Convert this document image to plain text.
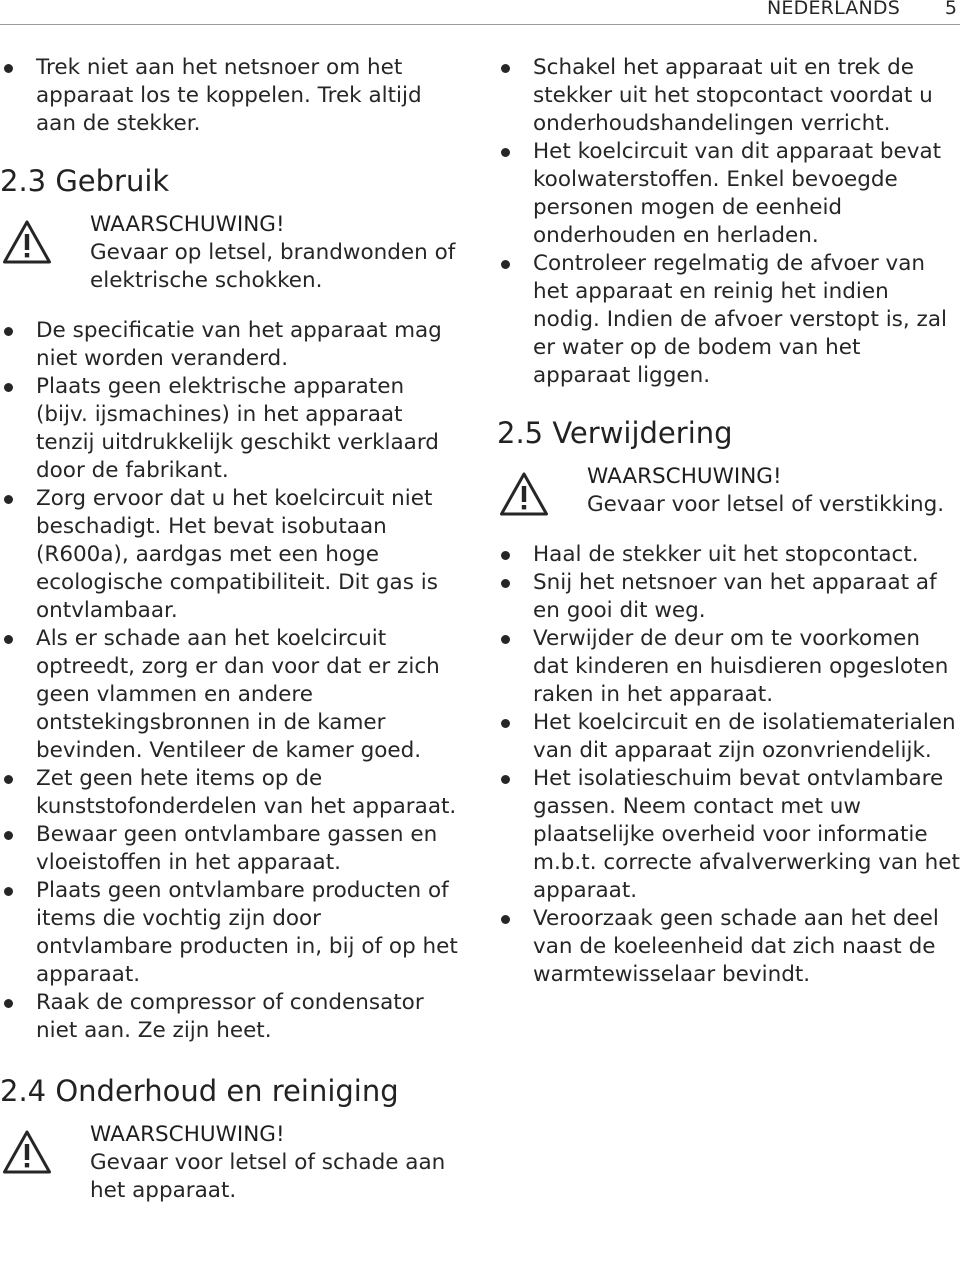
NEDERLANDS 5
Trek niet aan het netsnoer om het apparaat los te koppelen. Trek altijd aan de stekker.
2.3 Gebruik
WAARSCHUWING!
Gevaar op letsel, brandwonden of elektrische schokken.
De specificatie van het apparaat mag niet worden veranderd.
Plaats geen elektrische apparaten (bijv. ijsmachines) in het apparaat tenzij uitdrukkelijk geschikt verklaard door de fabrikant.
Zorg ervoor dat u het koelcircuit niet beschadigt. Het bevat isobutaan (R600a), aardgas met een hoge ecologische compatibiliteit. Dit gas is ontvlambaar.
Als er schade aan het koelcircuit optreedt, zorg er dan voor dat er zich geen vlammen en andere ontstekingsbronnen in de kamer bevinden. Ventileer de kamer goed.
Zet geen hete items op de kunststofonderdelen van het apparaat.
Bewaar geen ontvlambare gassen en vloeistoffen in het apparaat.
Plaats geen ontvlambare producten of items die vochtig zijn door ontvlambare producten in, bij of op het apparaat.
Raak de compressor of condensator niet aan. Ze zijn heet.
2.4 Onderhoud en reiniging
WAARSCHUWING!
Gevaar voor letsel of schade aan het apparaat.
Schakel het apparaat uit en trek de stekker uit het stopcontact voordat u onderhoudshandelingen verricht.
Het koelcircuit van dit apparaat bevat koolwaterstoffen. Enkel bevoegde personen mogen de eenheid onderhouden en herladen.
Controleer regelmatig de afvoer van het apparaat en reinig het indien nodig. Indien de afvoer verstopt is, zal er water op de bodem van het apparaat liggen.
2.5 Verwijdering
WAARSCHUWING!
Gevaar voor letsel of verstikking.
Haal de stekker uit het stopcontact.
Snij het netsnoer van het apparaat af en gooi dit weg.
Verwijder de deur om te voorkomen dat kinderen en huisdieren opgesloten raken in het apparaat.
Het koelcircuit en de isolatiematerialen van dit apparaat zijn ozonvriendelijk.
Het isolatieschuim bevat ontvlambare gassen. Neem contact met uw plaatselijke overheid voor informatie m.b.t. correcte afvalverwerking van het apparaat.
Veroorzaak geen schade aan het deel van de koeleenheid dat zich naast de warmtewisselaar bevindt.
